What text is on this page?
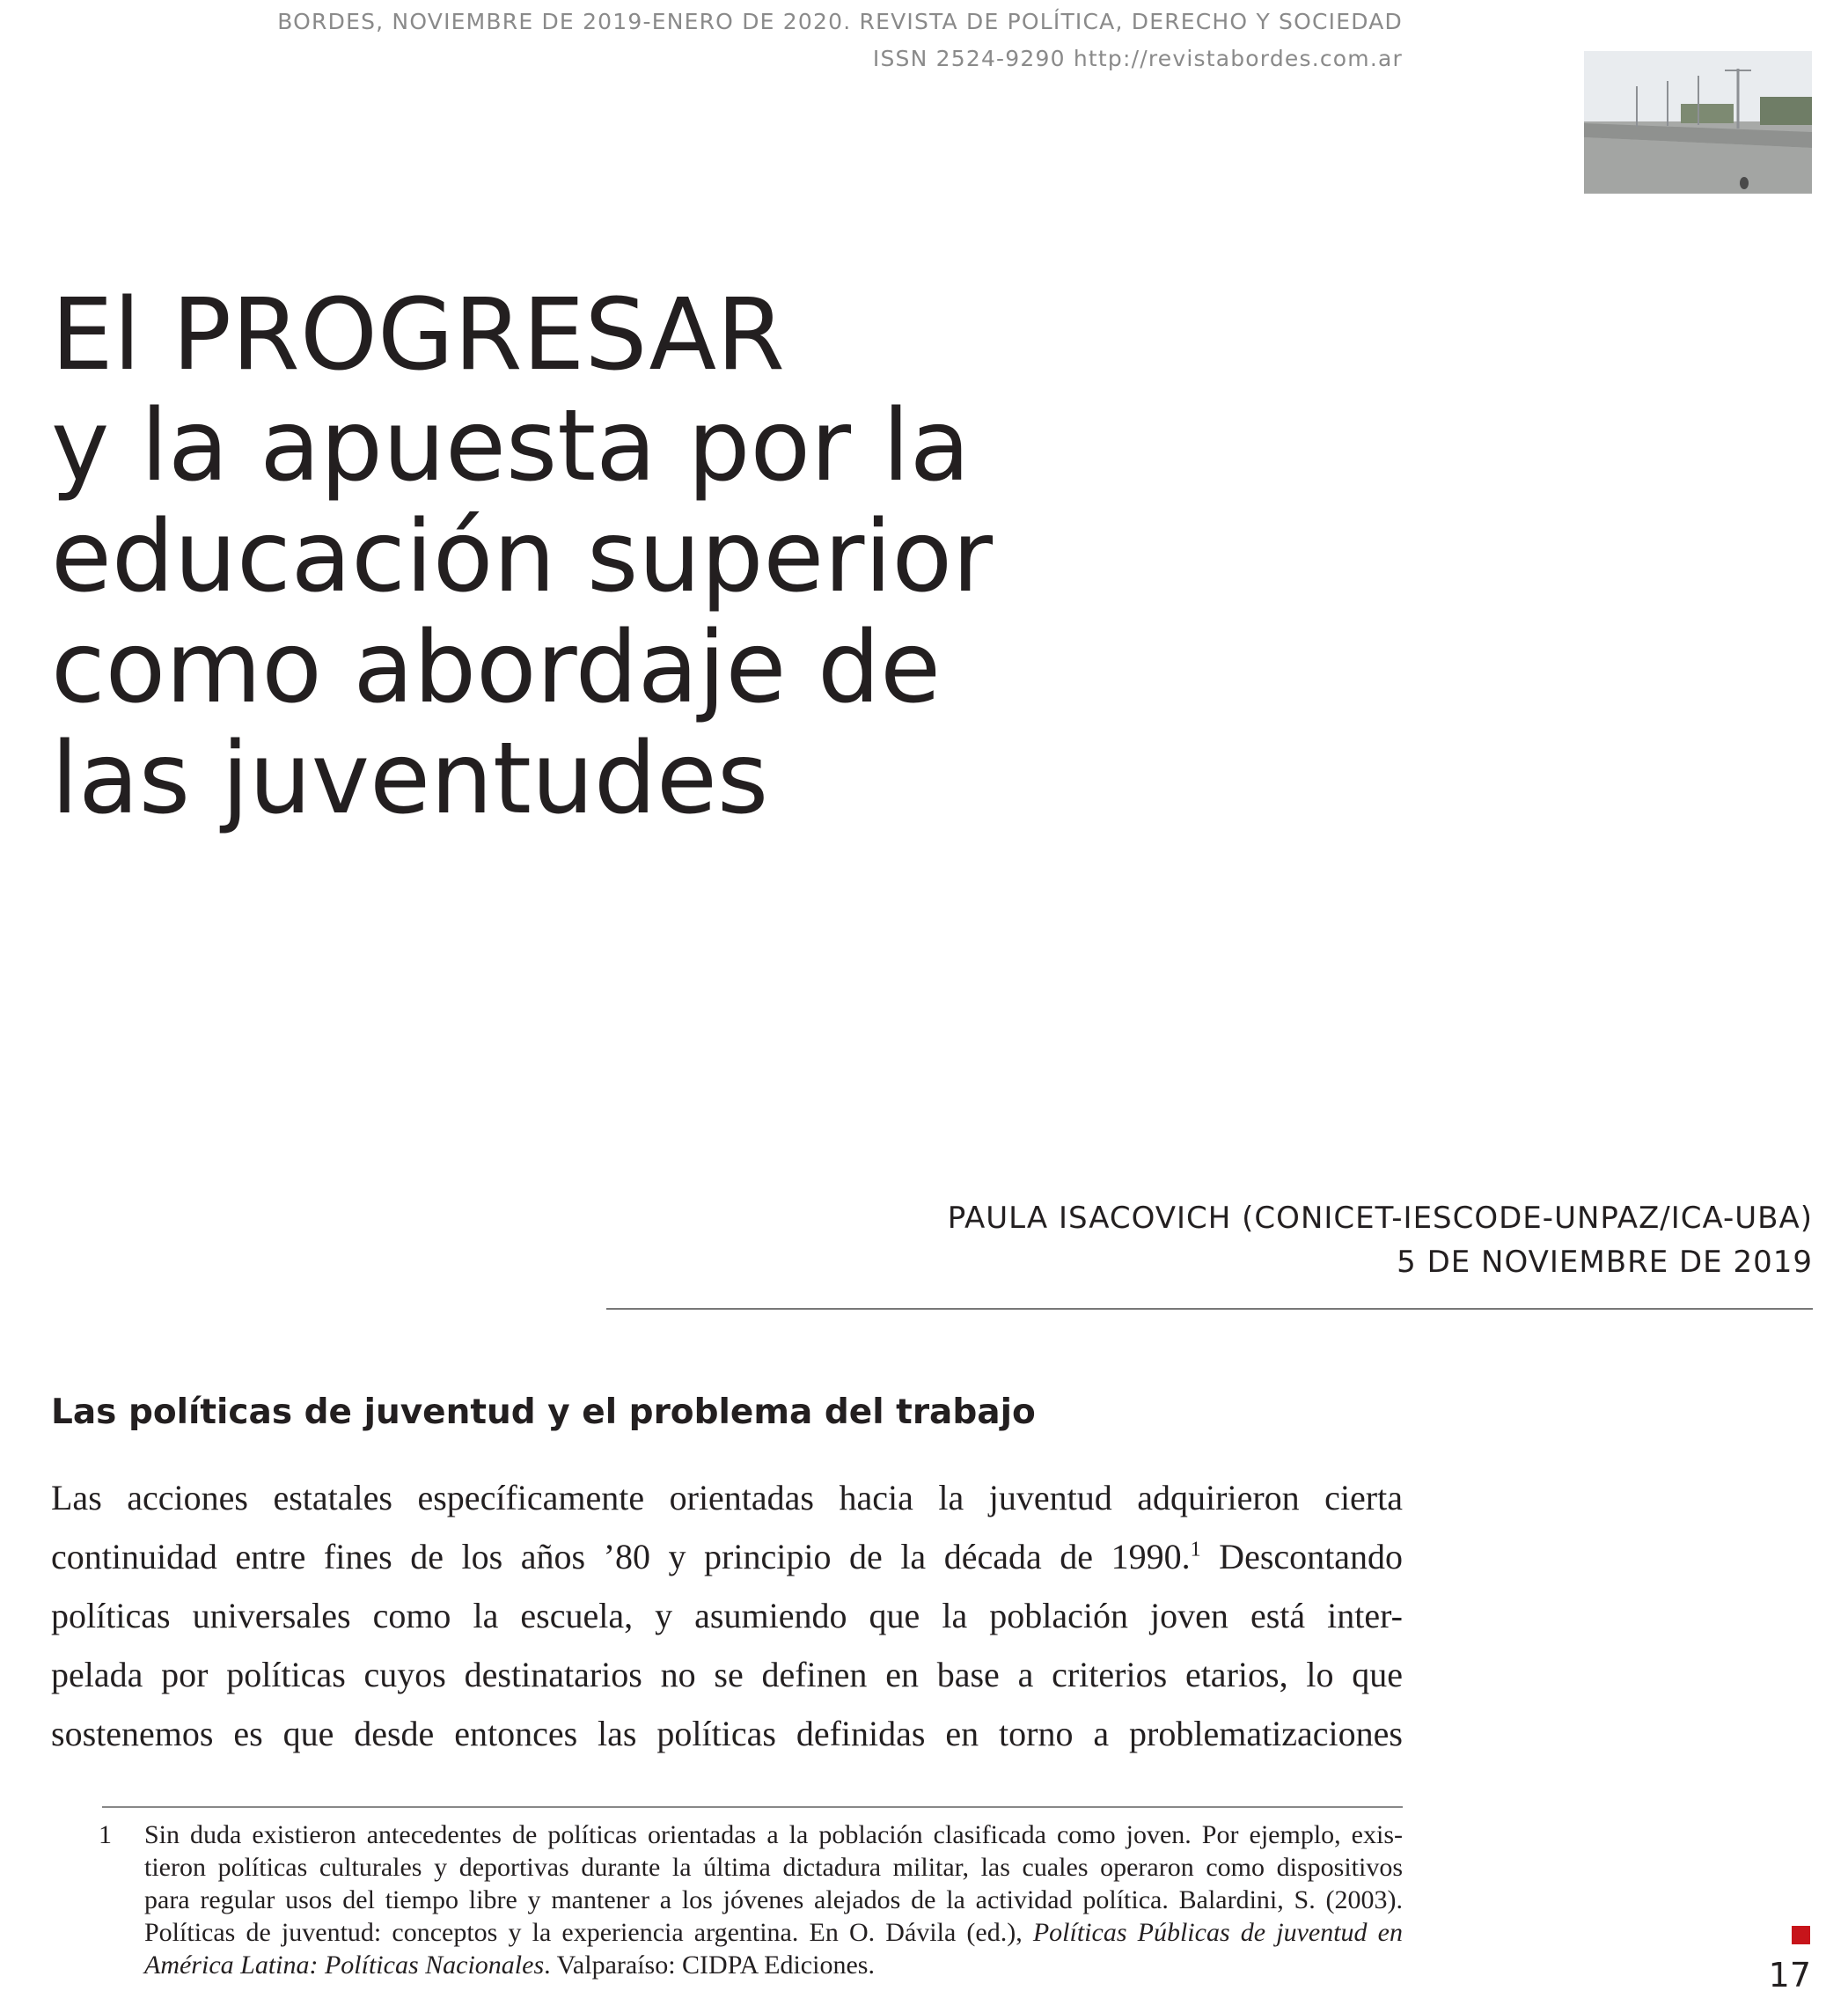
BORDES, NOVIEMBRE DE 2019-ENERO DE 2020. REVISTA DE POLÍTICA, DERECHO Y SOCIEDAD
ISSN 2524-9290 http://revistabordes.com.ar
El PROGRESAR
y la apuesta por la
educación superior
como abordaje de
las juventudes
PAULA ISACOVICH (CONICET-IESCODE-UNPAZ/ICA-UBA)
5 DE NOVIEMBRE DE 2019
Las políticas de juventud y el problema del trabajo
Las acciones estatales específicamente orientadas hacia la juventud adquirieron cierta
continuidad entre fines de los años ’80 y principio de la década de 1990.$^1$ Descontando
políticas universales como la escuela, y asumiendo que la población joven está inter-
pelada por políticas cuyos destinatarios no se definen en base a criterios etarios, lo que
sostenemos es que desde entonces las políticas definidas en torno a problematizaciones
1 Sin duda existieron antecedentes de políticas orientadas a la población clasificada como joven. Por ejemplo, exis-
tieron políticas culturales y deportivas durante la última dictadura militar, las cuales operaron como dispositivos
para regular usos del tiempo libre y mantener a los jóvenes alejados de la actividad política. Balardini, S. (2003).
Políticas de juventud: conceptos y la experiencia argentina. En O. Dávila (ed.), Políticas Públicas de juventud en
América Latina: Políticas Nacionales. Valparaíso: CIDPA Ediciones.	17
